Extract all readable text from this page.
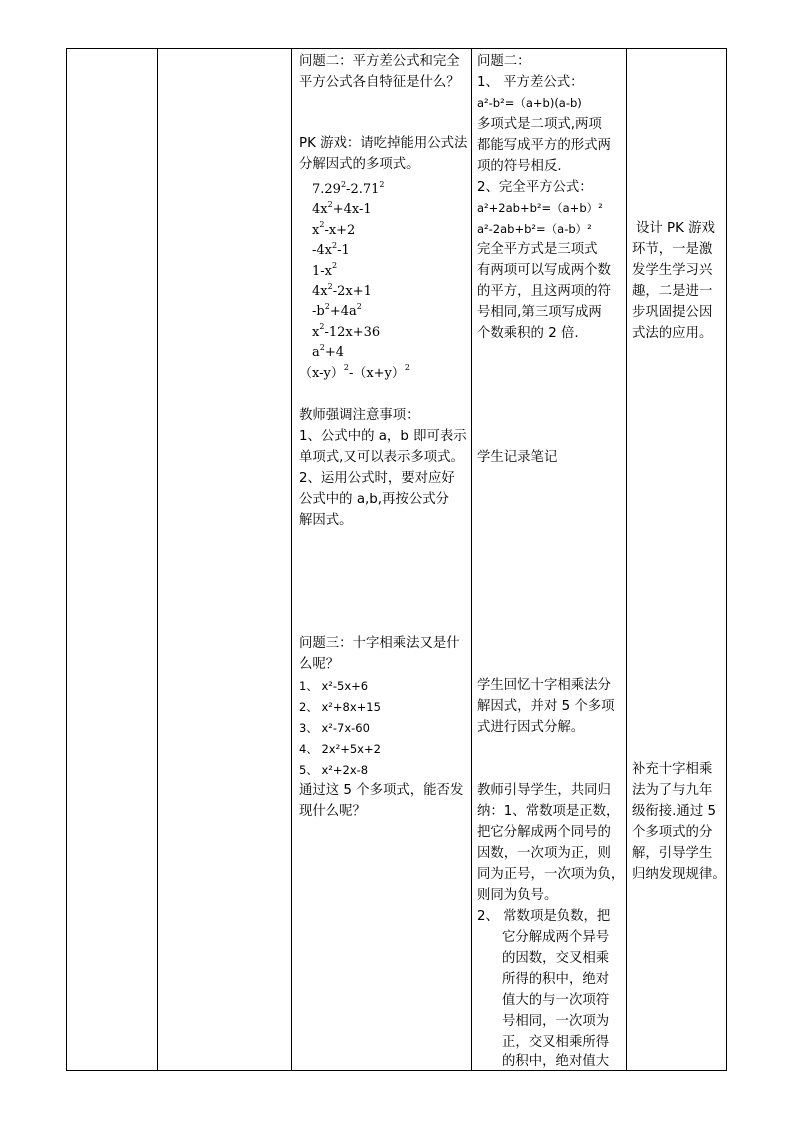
问题二：平方差公式和完全
平方公式各自特征是什么？
PK 游戏：请吃掉能用公式法
分解因式的多项式。
教师强调注意事项：
1、公式中的 a，b 即可表示
单项式,又可以表示多项式。
2、运用公式时，要对应好
公式中的 a,b,再按公式分
解因式。
问题三：十字相乘法又是什
么呢？
1、 x²-5x+6
2、 x²+8x+15
3、 x²-7x-60
4、 2x²+5x+2
5、 x²+2x-8
通过这 5 个多项式，能否发
现什么呢？
7.29$^2$-2.71$^2$
$4x^2+4x-1$
$x^2-x+2$
$-4x^2-1$
$1-x^2$
$4x^2-2x+1$
$-b^2+4a^2$
$x^2-12x+36$
$a^2+4$
$(x-y)^2-(x+y)^2$
问题二：
1、 平方差公式：
a²-b²=（a+b)(a-b)
多项式是二项式,两项
都能写成平方的形式两
项的符号相反.
2、完全平方公式：
a²+2ab+b²=（a+b）²
a²-2ab+b²=（a-b）²
完全平方式是三项式
有两项可以写成两个数
的平方，且这两项的符
号相同,第三项写成两
个数乘积的 2 倍.
学生记录笔记
学生回忆十字相乘法分
解因式，并对 5 个多项
式进行因式分解。
教师引导学生，共同归
纳：1、常数项是正数，
把它分解成两个同号的
因数，一次项为正，则
同为正号，一次项为负，
则同为负号。
2、 常数项是负数，把
它分解成两个异号
的因数，交叉相乘
所得的积中，绝对
值大的与一次项符
号相同，一次项为
正，交叉相乘所得
的积中，绝对值大
设计 PK 游戏
环节，一是激
发学生学习兴
趣，二是进一
步巩固提公因
式法的应用。
补充十字相乘
法为了与九年
级衔接.通过 5
个多项式的分
解，引导学生
归纳发现规律。
